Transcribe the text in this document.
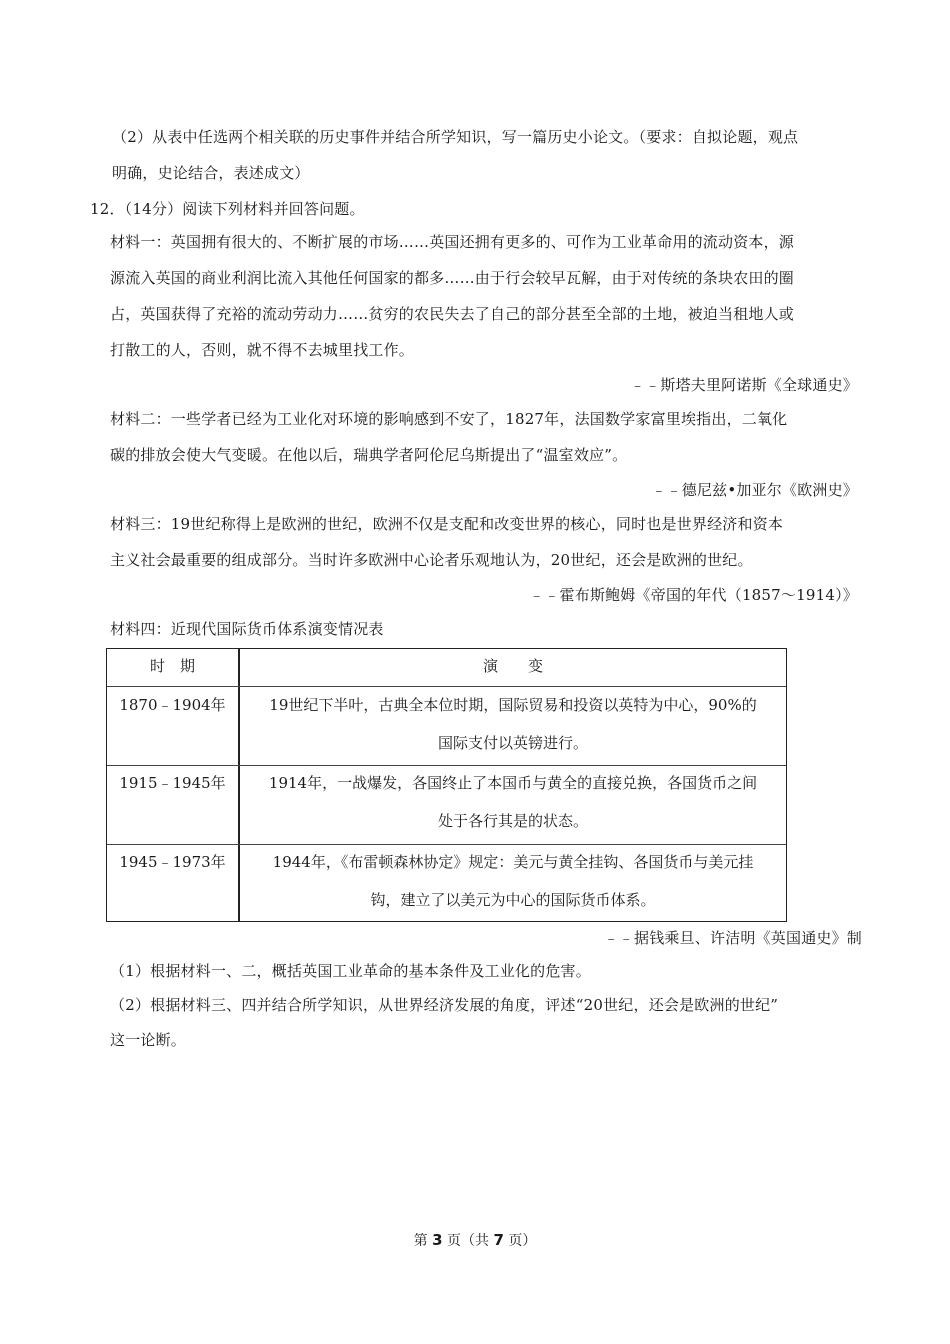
（2）从表中任选两个相关联的历史事件并结合所学知识，写一篇历史小论文。（要求：自拟论题，观点
明确，史论结合，表述成文）
12．（14分）阅读下列材料并回答问题。
材料一：英国拥有很大的、不断扩展的市场……英国还拥有更多的、可作为工业革命用的流动资本，源
源流入英国的商业利润比流入其他任何国家的都多……由于行会较早瓦解，由于对传统的条块农田的圈
占，英国获得了充裕的流动劳动力……贫穷的农民失去了自己的部分甚至全部的土地，被迫当租地人或
打散工的人，否则，就不得不去城里找工作。
﹣﹣斯塔夫里阿诺斯《全球通史》
材料二：一些学者已经为工业化对环境的影响感到不安了，1827年，法国数学家富里埃指出，二氧化
碳的排放会使大气变暖。在他以后，瑞典学者阿伦尼乌斯提出了“温室效应”。
﹣﹣德尼兹•加亚尔《欧洲史》
材料三：19世纪称得上是欧洲的世纪，欧洲不仅是支配和改变世界的核心，同时也是世界经济和资本
主义社会最重要的组成部分。当时许多欧洲中心论者乐观地认为，20世纪，还会是欧洲的世纪。
﹣﹣霍布斯鲍姆《帝国的年代（1857～1914）》
材料四：近现代国际货币体系演变情况表
时　期	演　　变
1870﹣1904年	19世纪下半叶，古典全本位时期，国际贸易和投资以英特为中心，90%的
国际支付以英镑进行。
1915﹣1945年	1914年，一战爆发，各国终止了本国币与黄全的直接兑换，各国货币之间
处于各行其是的状态。
1945﹣1973年	1944年，《布雷顿森林协定》规定：美元与黄全挂钩、各国货币与美元挂
钩，建立了以美元为中心的国际货币体系。
﹣﹣据钱乘旦、许洁明《英国通史》制
（1）根据材料一、二，概括英国工业革命的基本条件及工业化的危害。
（2）根据材料三、四并结合所学知识，从世界经济发展的角度，评述“20世纪，还会是欧洲的世纪”
这一论断。
第 3 页（共 7 页）
